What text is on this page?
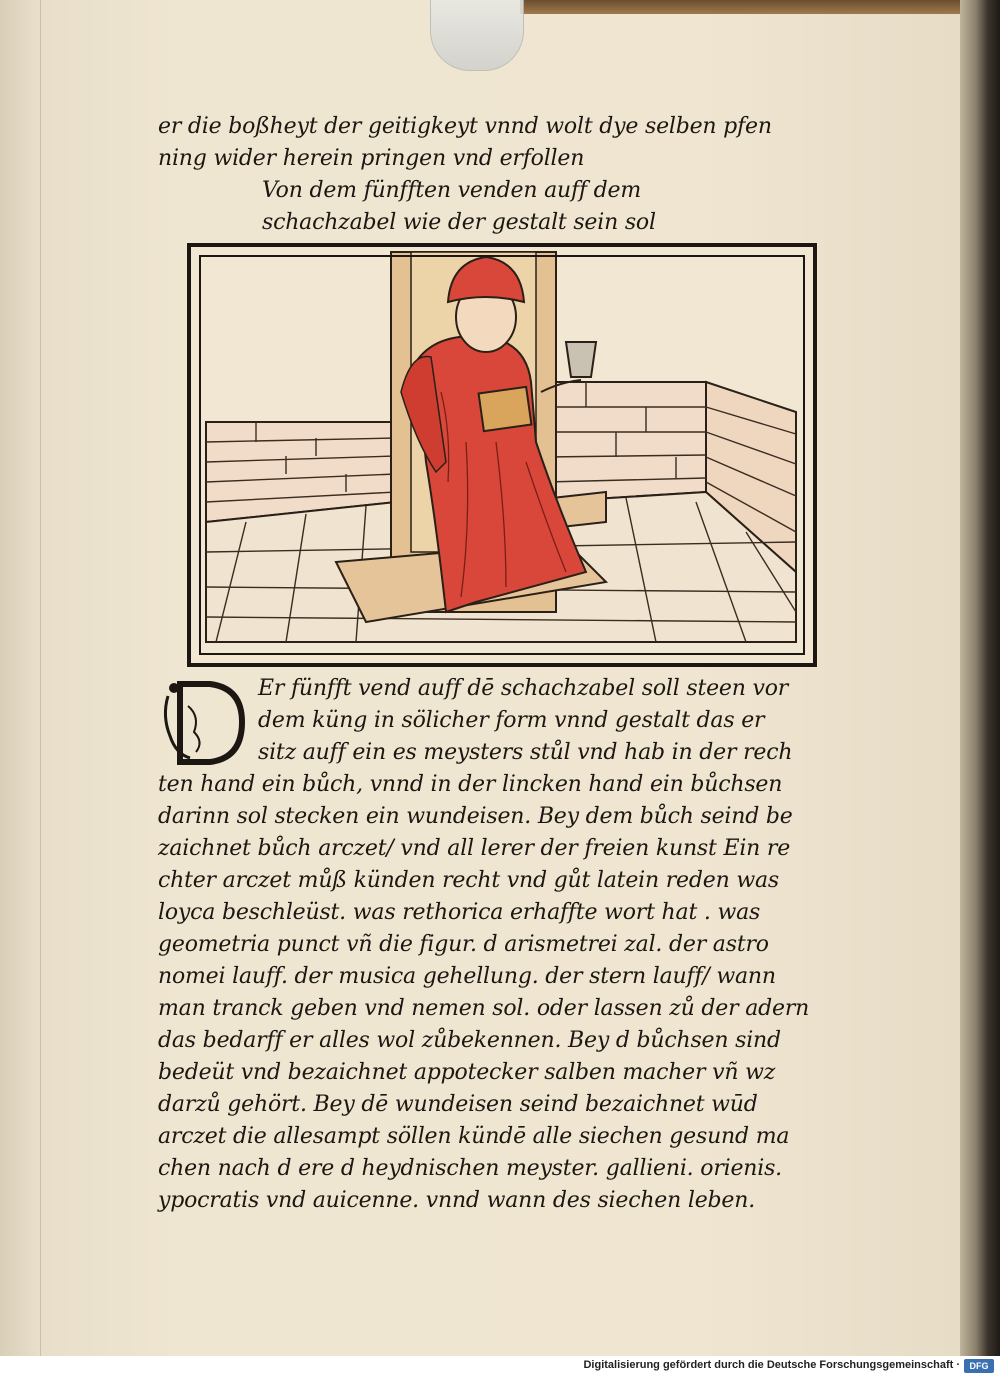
er die boßheyt der geitigkeyt vnnd wolt dye selben pfen

ning wider herein pringen vnd erfollen

Von dem fünfften venden auff dem

schachzabel wie der gestalt sein sol

Er fünfft vend auff dē schachzabel soll steen vor

dem küng in sölicher form vnnd gestalt das er

sitz auff ein es meysters stůl vnd hab in der rech

ten hand ein bůch, vnnd in der lincken hand ein bůchsen

darinn sol stecken ein wundeisen. Bey dem bůch seind be

zaichnet bůch arczet/ vnd all lerer der freien kunst Ein re

chter arczet můß künden recht vnd gůt latein reden was

loyca beschleüst. was rethorica erhaffte wort hat . was

geometria punct vñ die figur. d arismetrei zal. der astro

nomei lauff. der musica gehellung. der stern lauff/ wann

man tranck geben vnd nemen sol. oder lassen zů der adern

das bedarff er alles wol zůbekennen. Bey d bůchsen sind

bedeüt vnd bezaichnet appotecker salben macher vñ wz

darzů gehört. Bey dē wundeisen seind bezaichnet wūd

arczet die allesampt söllen kündē alle siechen gesund ma

chen nach d ere d heydnischen meyster. gallieni. orienis.

ypocratis vnd auicenne. vnnd wann des siechen leben.

Digitalisierung gefördert durch die Deutsche Forschungsgemeinschaft ·	DFG
